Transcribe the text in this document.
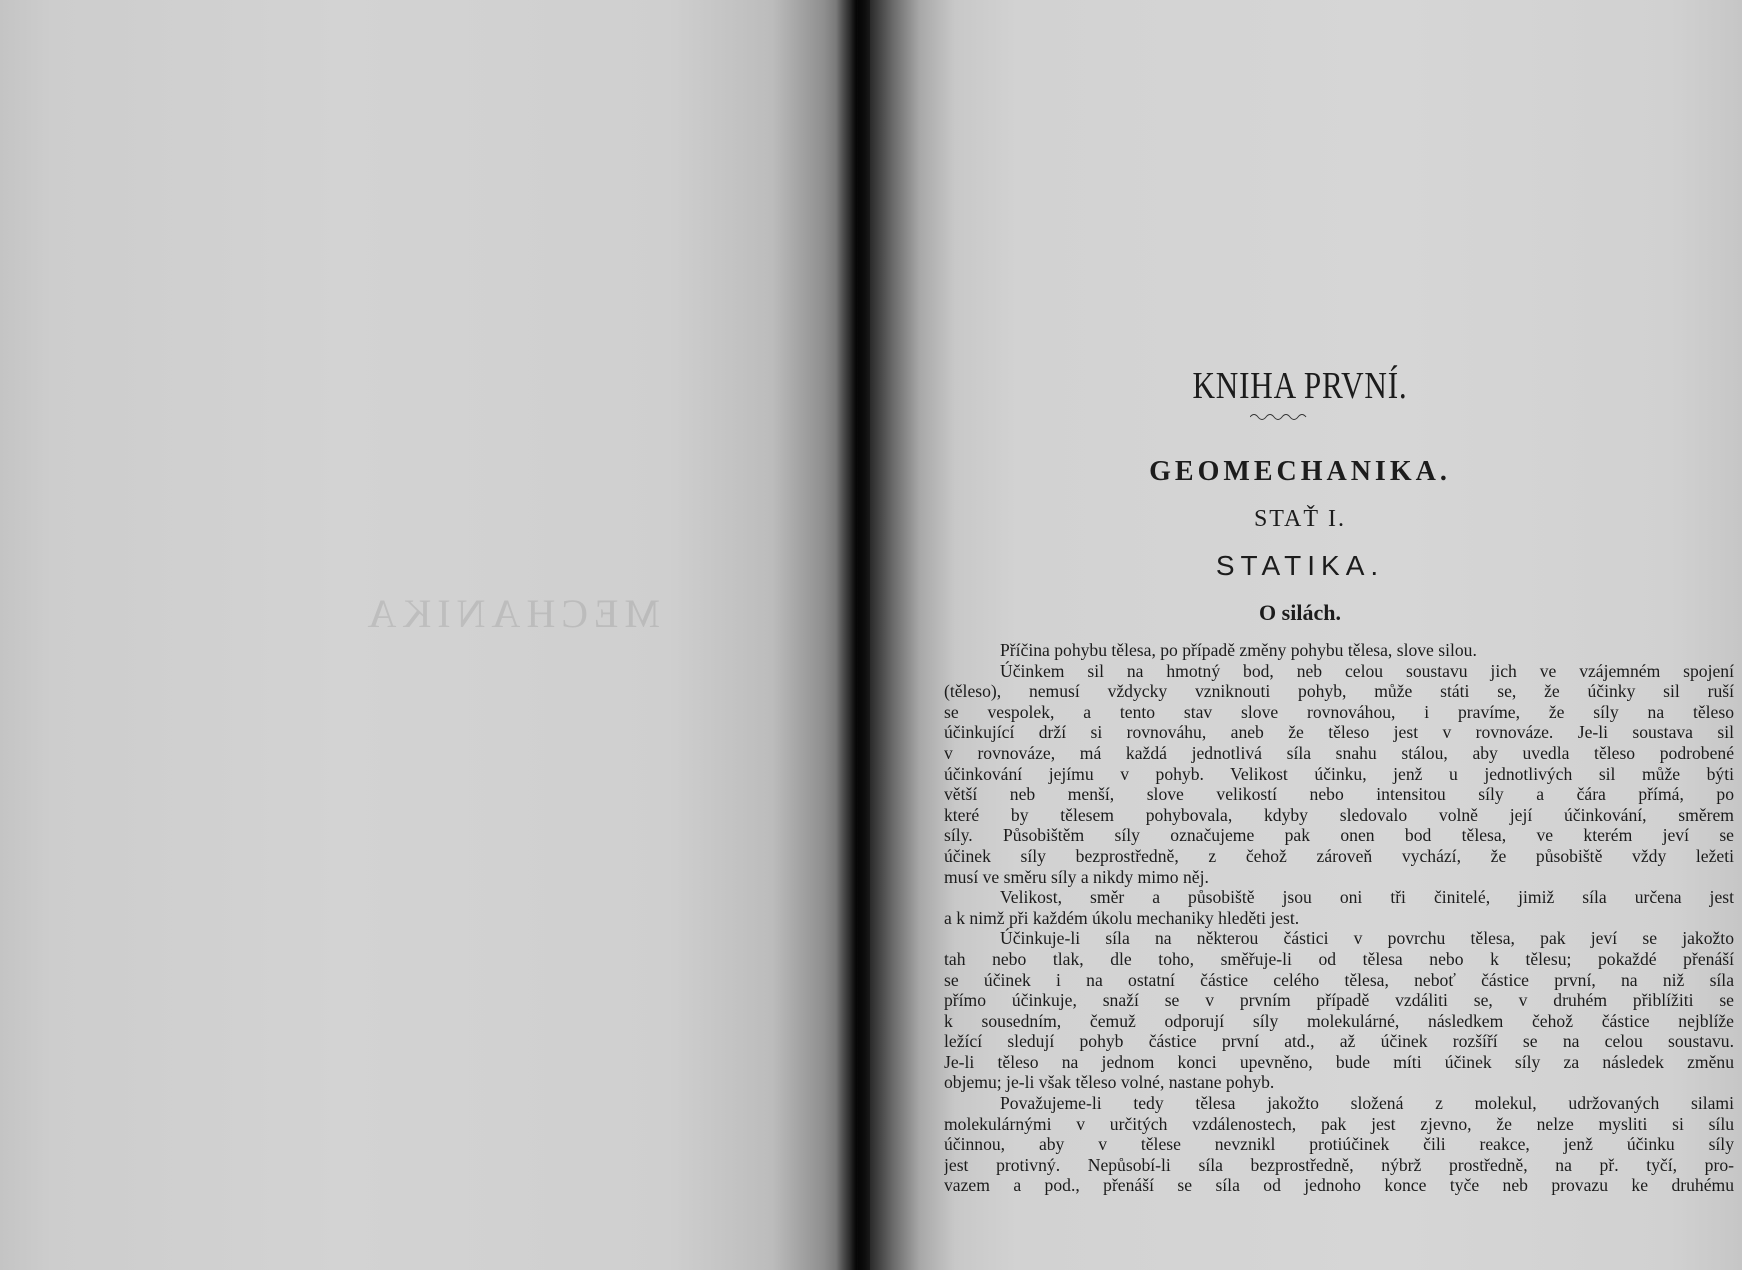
MECHANIKA
KNIHA PRVNÍ.
GEOMECHANIKA.
STAŤ I.
STATIKA.
O silách.
Příčina pohybu tělesa, po případě změny pohybu tělesa, slove silou.
Účinkem sil na hmotný bod, neb celou soustavu jich ve vzájemném spojení
(těleso), nemusí vždycky vzniknouti pohyb, může státi se, že účinky sil ruší
se vespolek, a tento stav slove rovnováhou, i pravíme, že síly na těleso
účinkující drží si rovnováhu, aneb že těleso jest v rovnováze. Je-li soustava sil
v rovnováze, má každá jednotlivá síla snahu stálou, aby uvedla těleso podrobené
účinkování jejímu v pohyb. Velikost účinku, jenž u jednotlivých sil může býti
větší neb menší, slove velikostí nebo intensitou síly a čára přímá, po
které by tělesem pohybovala, kdyby sledovalo volně její účinkování, směrem
síly. Působištěm síly označujeme pak onen bod tělesa, ve kterém jeví se
účinek síly bezprostředně, z čehož zároveň vychází, že působiště vždy ležeti
musí ve směru síly a nikdy mimo něj.
Velikost, směr a působiště jsou oni tři činitelé, jimiž síla určena jest
a k nimž při každém úkolu mechaniky hleděti jest.
Účinkuje-li síla na některou částici v povrchu tělesa, pak jeví se jakožto
tah nebo tlak, dle toho, směřuje-li od tělesa nebo k tělesu; pokaždé přenáší
se účinek i na ostatní částice celého tělesa, neboť částice první, na niž síla
přímo účinkuje, snaží se v prvním případě vzdáliti se, v druhém přiblížiti se
k sousedním, čemuž odporují síly molekulárné, následkem čehož částice nejblíže
ležící sledují pohyb částice první atd., až účinek rozšíří se na celou soustavu.
Je-li těleso na jednom konci upevněno, bude míti účinek síly za následek změnu
objemu; je-li však těleso volné, nastane pohyb.
Považujeme-li tedy tělesa jakožto složená z molekul, udržovaných silami
molekulárnými v určitých vzdálenostech, pak jest zjevno, že nelze mysliti si sílu
účinnou, aby v tělese nevznikl protiúčinek čili reakce, jenž účinku síly
jest protivný. Nepůsobí-li síla bezprostředně, nýbrž prostředně, na př. tyčí, pro-
vazem a pod., přenáší se síla od jednoho konce tyče neb provazu ke druhému
